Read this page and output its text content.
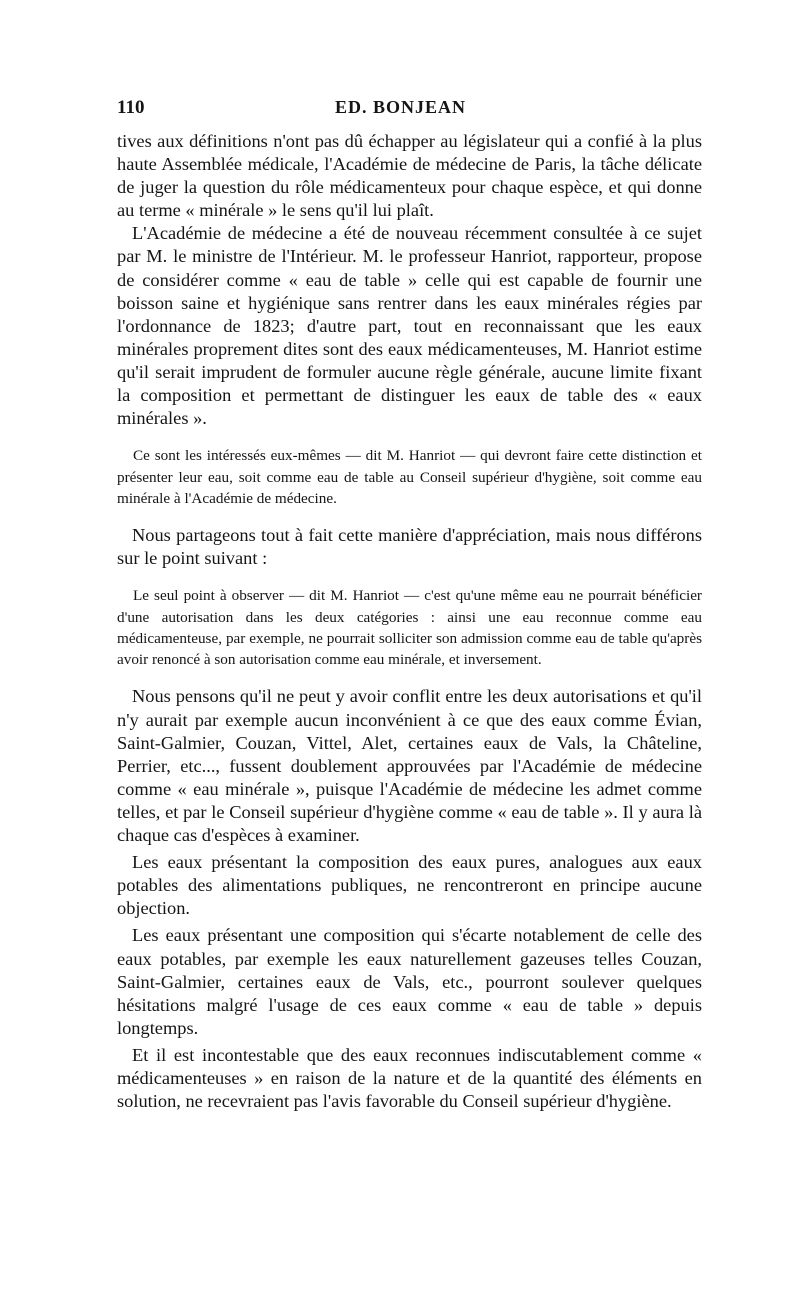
110	ED. BONJEAN

tives aux définitions n'ont pas dû échapper au législateur qui a confié à la plus haute Assemblée médicale, l'Académie de médecine de Paris, la tâche délicate de juger la question du rôle médicamenteux pour chaque espèce, et qui donne au terme « minérale » le sens qu'il lui plaît.

L'Académie de médecine a été de nouveau récemment consultée à ce sujet par M. le ministre de l'Intérieur. M. le professeur Hanriot, rapporteur, propose de considérer comme « eau de table » celle qui est capable de fournir une boisson saine et hygiénique sans rentrer dans les eaux minérales régies par l'ordonnance de 1823; d'autre part, tout en reconnaissant que les eaux minérales proprement dites sont des eaux médicamenteuses, M. Hanriot estime qu'il serait imprudent de formuler aucune règle générale, aucune limite fixant la composition et permettant de distinguer les eaux de table des « eaux minérales ».

Ce sont les intéressés eux-mêmes — dit M. Hanriot — qui devront faire cette distinction et présenter leur eau, soit comme eau de table au Conseil supérieur d'hygiène, soit comme eau minérale à l'Académie de médecine.

Nous partageons tout à fait cette manière d'appréciation, mais nous différons sur le point suivant :

Le seul point à observer — dit M. Hanriot — c'est qu'une même eau ne pourrait bénéficier d'une autorisation dans les deux catégories : ainsi une eau reconnue comme eau médicamenteuse, par exemple, ne pourrait solliciter son admission comme eau de table qu'après avoir renoncé à son autorisation comme eau minérale, et inversement.

Nous pensons qu'il ne peut y avoir conflit entre les deux autorisations et qu'il n'y aurait par exemple aucun inconvénient à ce que des eaux comme Évian, Saint-Galmier, Couzan, Vittel, Alet, certaines eaux de Vals, la Châteline, Perrier, etc..., fussent doublement approuvées par l'Académie de médecine comme « eau minérale », puisque l'Académie de médecine les admet comme telles, et par le Conseil supérieur d'hygiène comme « eau de table ». Il y aura là chaque cas d'espèces à examiner.

Les eaux présentant la composition des eaux pures, analogues aux eaux potables des alimentations publiques, ne rencontreront en principe aucune objection.

Les eaux présentant une composition qui s'écarte notablement de celle des eaux potables, par exemple les eaux naturellement gazeuses telles Couzan, Saint-Galmier, certaines eaux de Vals, etc., pourront soulever quelques hésitations malgré l'usage de ces eaux comme « eau de table » depuis longtemps.

Et il est incontestable que des eaux reconnues indiscutablement comme « médicamenteuses » en raison de la nature et de la quantité des éléments en solution, ne recevraient pas l'avis favorable du Conseil supérieur d'hygiène.
